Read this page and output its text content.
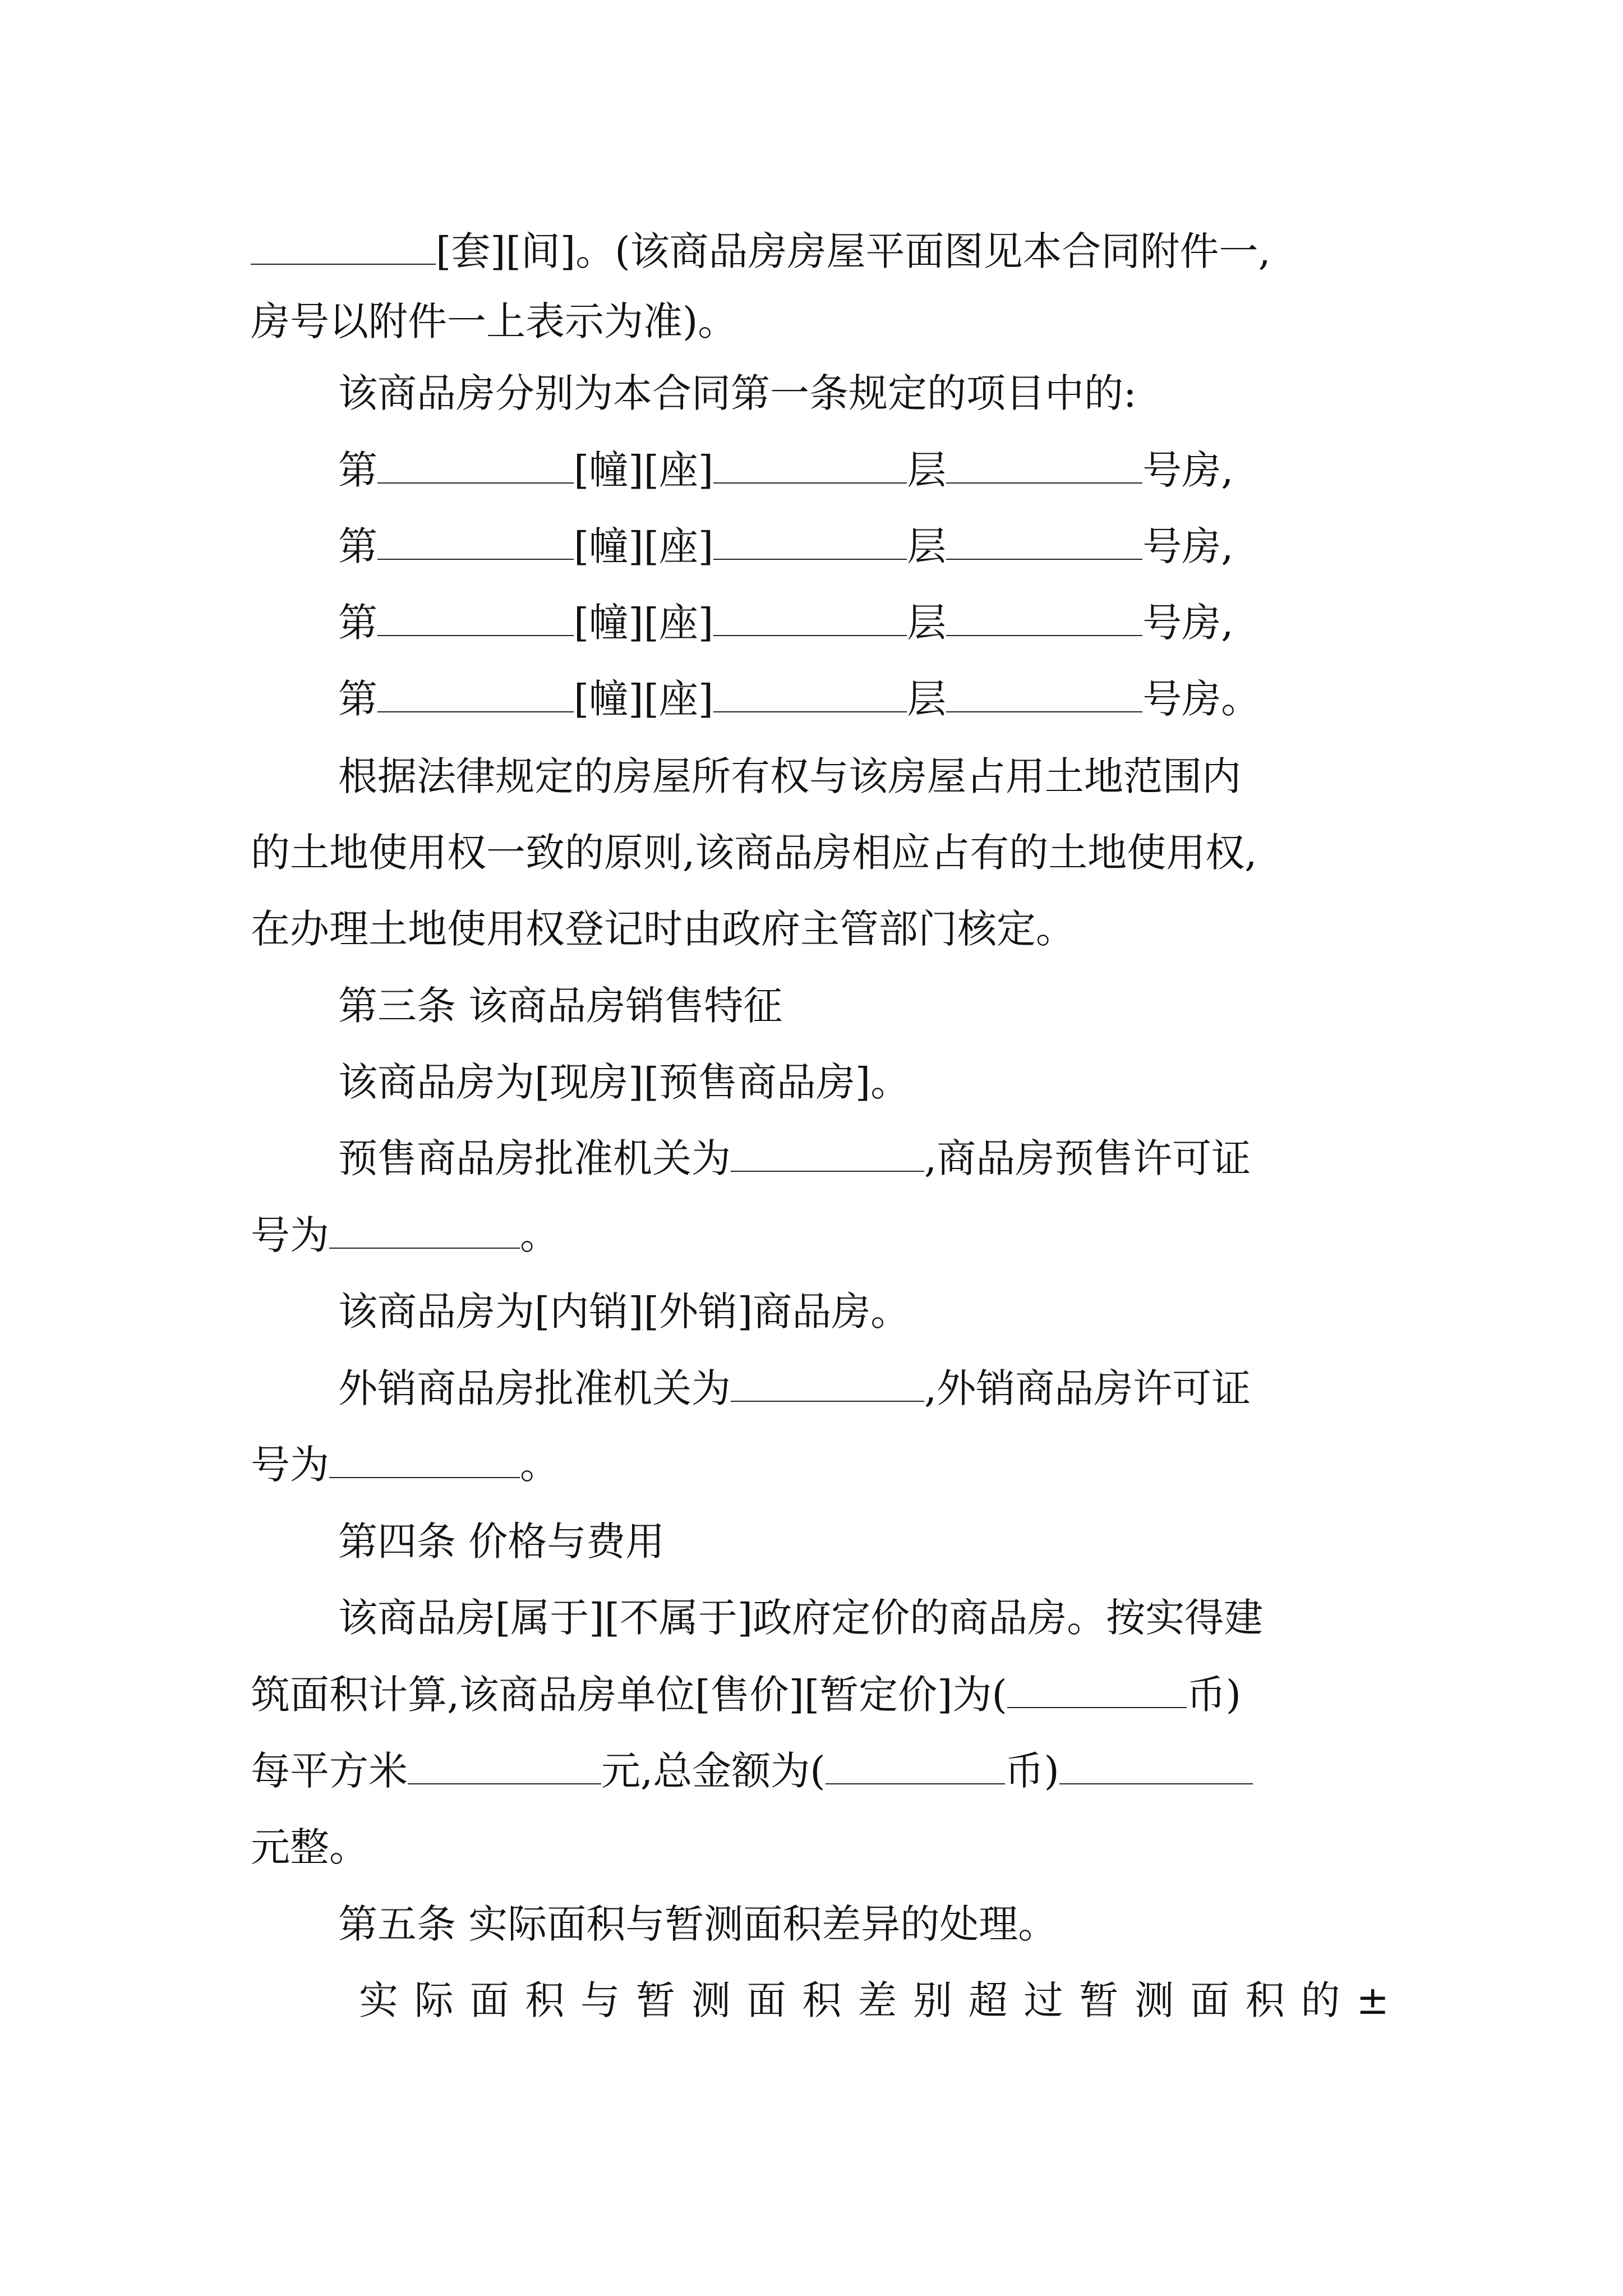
[套][间]。(该商品房房屋平面图见本合同附件一,
房号以附件一上表示为准)。
该商品房分别为本合同第一条规定的项目中的:
第	[幢][座]	层	号房,
第	[幢][座]	层	号房,
第	[幢][座]	层	号房,
第	[幢][座]	层	号房。
根据法律规定的房屋所有权与该房屋占用土地范围内
的土地使用权一致的原则,该商品房相应占有的土地使用权,
在办理土地使用权登记时由政府主管部门核定。
第三条 该商品房销售特征
该商品房为[现房][预售商品房]。
预售商品房批准机关为	,商品房预售许可证
号为	。
该商品房为[内销][外销]商品房。
外销商品房批准机关为	,外销商品房许可证
号为	。
第四条 价格与费用
该商品房[属于][不属于]政府定价的商品房。按实得建
筑面积计算,该商品房单位[售价][暂定价]为(	币)
每平方米	元,总金额为(	币)
元整。
第五条 实际面积与暂测面积差异的处理。
实际面积与暂测面积差别超过暂测面积的±
